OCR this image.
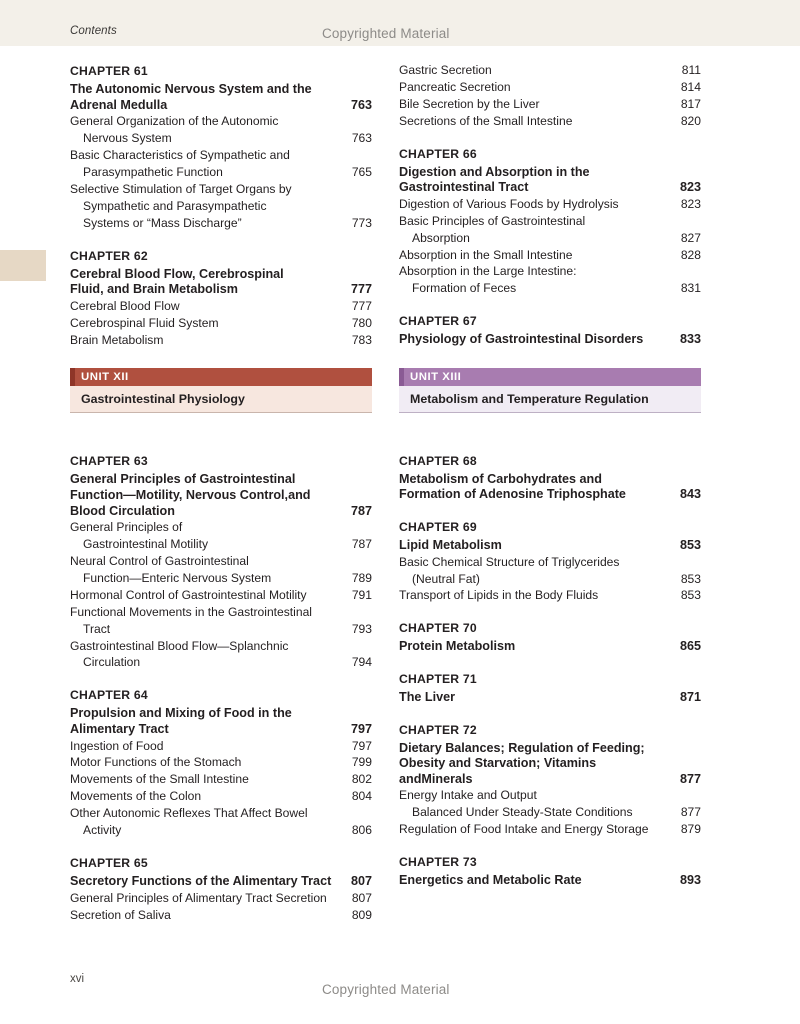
Contents	Copyrighted Material
CHAPTER 61
The Autonomic Nervous System and the
Adrenal Medulla	763
General Organization of the Autonomic
Nervous System	763
Basic Characteristics of Sympathetic and
Parasympathetic Function	765
Selective Stimulation of Target Organs by
Sympathetic and Parasympathetic
Systems or “Mass Discharge”	773
CHAPTER 62
Cerebral Blood Flow, Cerebrospinal
Fluid, and Brain Metabolism	777
Cerebral Blood Flow	777
Cerebrospinal Fluid System	780
Brain Metabolism	783
UNIT XII
Gastrointestinal Physiology
CHAPTER 63
General Principles of Gastrointestinal
Function—Motility, Nervous Control,and Blood Circulation	787
General Principles of
Gastrointestinal Motility	787
Neural Control of Gastrointestinal
Function—Enteric Nervous System	789
Hormonal Control of Gastrointestinal Motility	791
Functional Movements in the Gastrointestinal
Tract	793
Gastrointestinal Blood Flow—Splanchnic
Circulation	794
CHAPTER 64
Propulsion and Mixing of Food in the
Alimentary Tract	797
Ingestion of Food	797
Motor Functions of the Stomach	799
Movements of the Small Intestine	802
Movements of the Colon	804
Other Autonomic Reflexes That Affect Bowel
Activity	806
CHAPTER 65
Secretory Functions of the Alimentary Tract	807
General Principles of Alimentary Tract Secretion	807
Secretion of Saliva	809
Gastric Secretion	811
Pancreatic Secretion	814
Bile Secretion by the Liver	817
Secretions of the Small Intestine	820
CHAPTER 66
Digestion and Absorption in the
Gastrointestinal Tract	823
Digestion of Various Foods by Hydrolysis	823
Basic Principles of Gastrointestinal
Absorption	827
Absorption in the Small Intestine	828
Absorption in the Large Intestine:
Formation of Feces	831
CHAPTER 67
Physiology of Gastrointestinal Disorders	833
UNIT XIII
Metabolism and Temperature Regulation
CHAPTER 68
Metabolism of Carbohydrates and
Formation of Adenosine Triphosphate	843
CHAPTER 69
Lipid Metabolism	853
Basic Chemical Structure of Triglycerides
(Neutral Fat)	853
Transport of Lipids in the Body Fluids	853
CHAPTER 70
Protein Metabolism	865
CHAPTER 71
The Liver	871
CHAPTER 72
Dietary Balances; Regulation of Feeding;
Obesity and Starvation; Vitamins andMinerals	877
Energy Intake and Output
Balanced Under Steady-State Conditions	877
Regulation of Food Intake and Energy Storage	879
CHAPTER 73
Energetics and Metabolic Rate	893
xvi
Copyrighted Material
